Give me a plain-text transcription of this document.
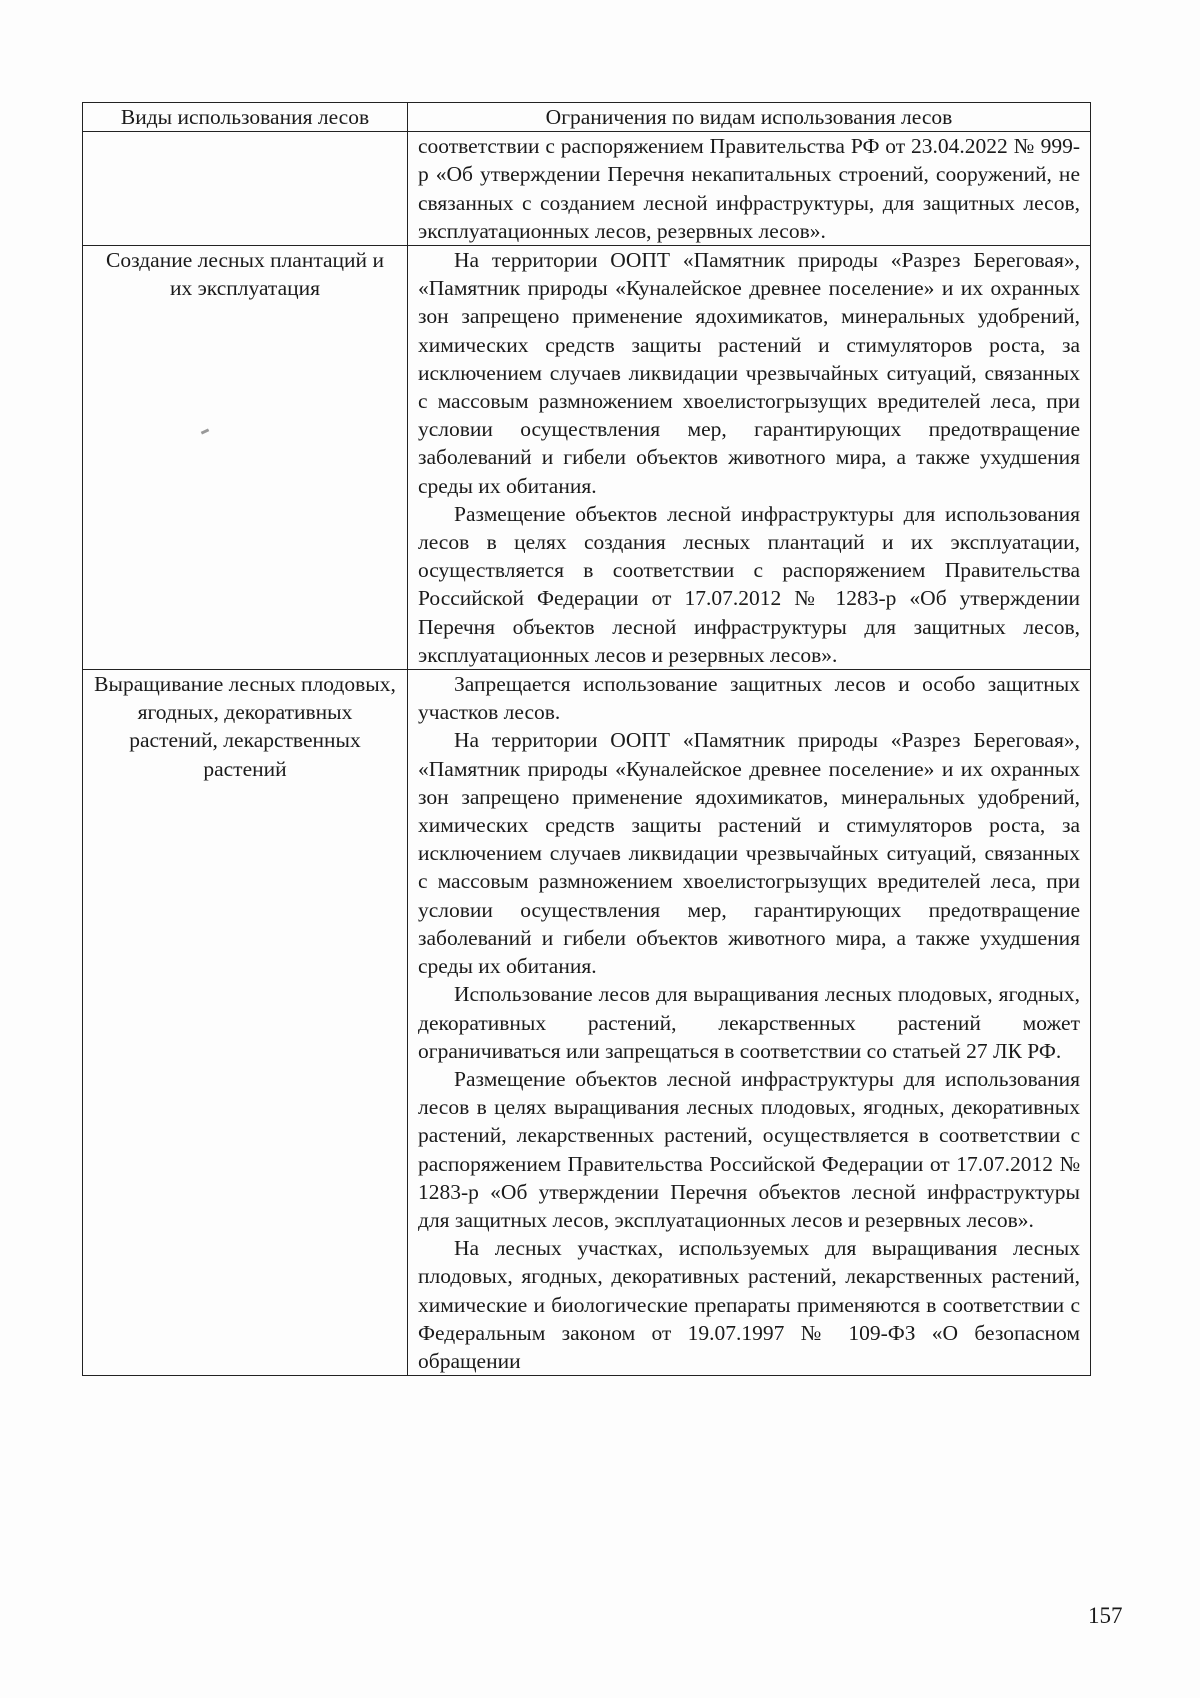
Виды использования лесов	Ограничения по видам использования лесов

	соответствии с распоряжением Правительства РФ от 23.04.2022 № 999-р «Об утверждении Перечня некапитальных строений, сооружений, не связанных с созданием лесной инфраструктуры, для защитных лесов, эксплуатационных лесов, резервных лесов».

Создание лесных плантаций и их эксплуатация	На территории ООПТ «Памятник природы «Разрез Береговая», «Памятник природы «Куналейское древнее поселение» и их охранных зон запрещено применение ядохимикатов, минеральных удобрений, химических средств защиты растений и стимуляторов роста, за исключением случаев ликвидации чрезвычайных ситуаций, связанных с массовым размножением хвоелистогрызущих вредителей леса, при условии осуществления мер, гарантирующих предотвращение заболеваний и гибели объектов животного мира, а также ухудшения среды их обитания.

Размещение объектов лесной инфраструктуры для использования лесов в целях создания лесных плантаций и их эксплуатации, осуществляется в соответствии с распоряжением Правительства Российской Федерации от 17.07.2012 № 1283-р «Об утверждении Перечня объектов лесной инфраструктуры для защитных лесов, эксплуатационных лесов и резервных лесов».

Выращивание лесных плодовых, ягодных, декоративных растений, лекарственных растений	Запрещается использование защитных лесов и особо защитных участков лесов.

На территории ООПТ «Памятник природы «Разрез Береговая», «Памятник природы «Куналейское древнее поселение» и их охранных зон запрещено применение ядохимикатов, минеральных удобрений, химических средств защиты растений и стимуляторов роста, за исключением случаев ликвидации чрезвычайных ситуаций, связанных с массовым размножением хвоелистогрызущих вредителей леса, при условии осуществления мер, гарантирующих предотвращение заболеваний и гибели объектов животного мира, а также ухудшения среды их обитания.

Использование лесов для выращивания лесных плодовых, ягодных, декоративных растений, лекарственных растений может ограничиваться или запрещаться в соответствии со статьей 27 ЛК РФ.

Размещение объектов лесной инфраструктуры для использования лесов в целях выращивания лесных плодовых, ягодных, декоративных растений, лекарственных растений, осуществляется в соответствии с распоряжением Правительства Российской Федерации от 17.07.2012 № 1283-р «Об утверждении Перечня объектов лесной инфраструктуры для защитных лесов, эксплуатационных лесов и резервных лесов».

На лесных участках, используемых для выращивания лесных плодовых, ягодных, декоративных растений, лекарственных растений, химические и биологические препараты применяются в соответствии с Федеральным законом от 19.07.1997 № 109-ФЗ «О безопасном обращении

157
